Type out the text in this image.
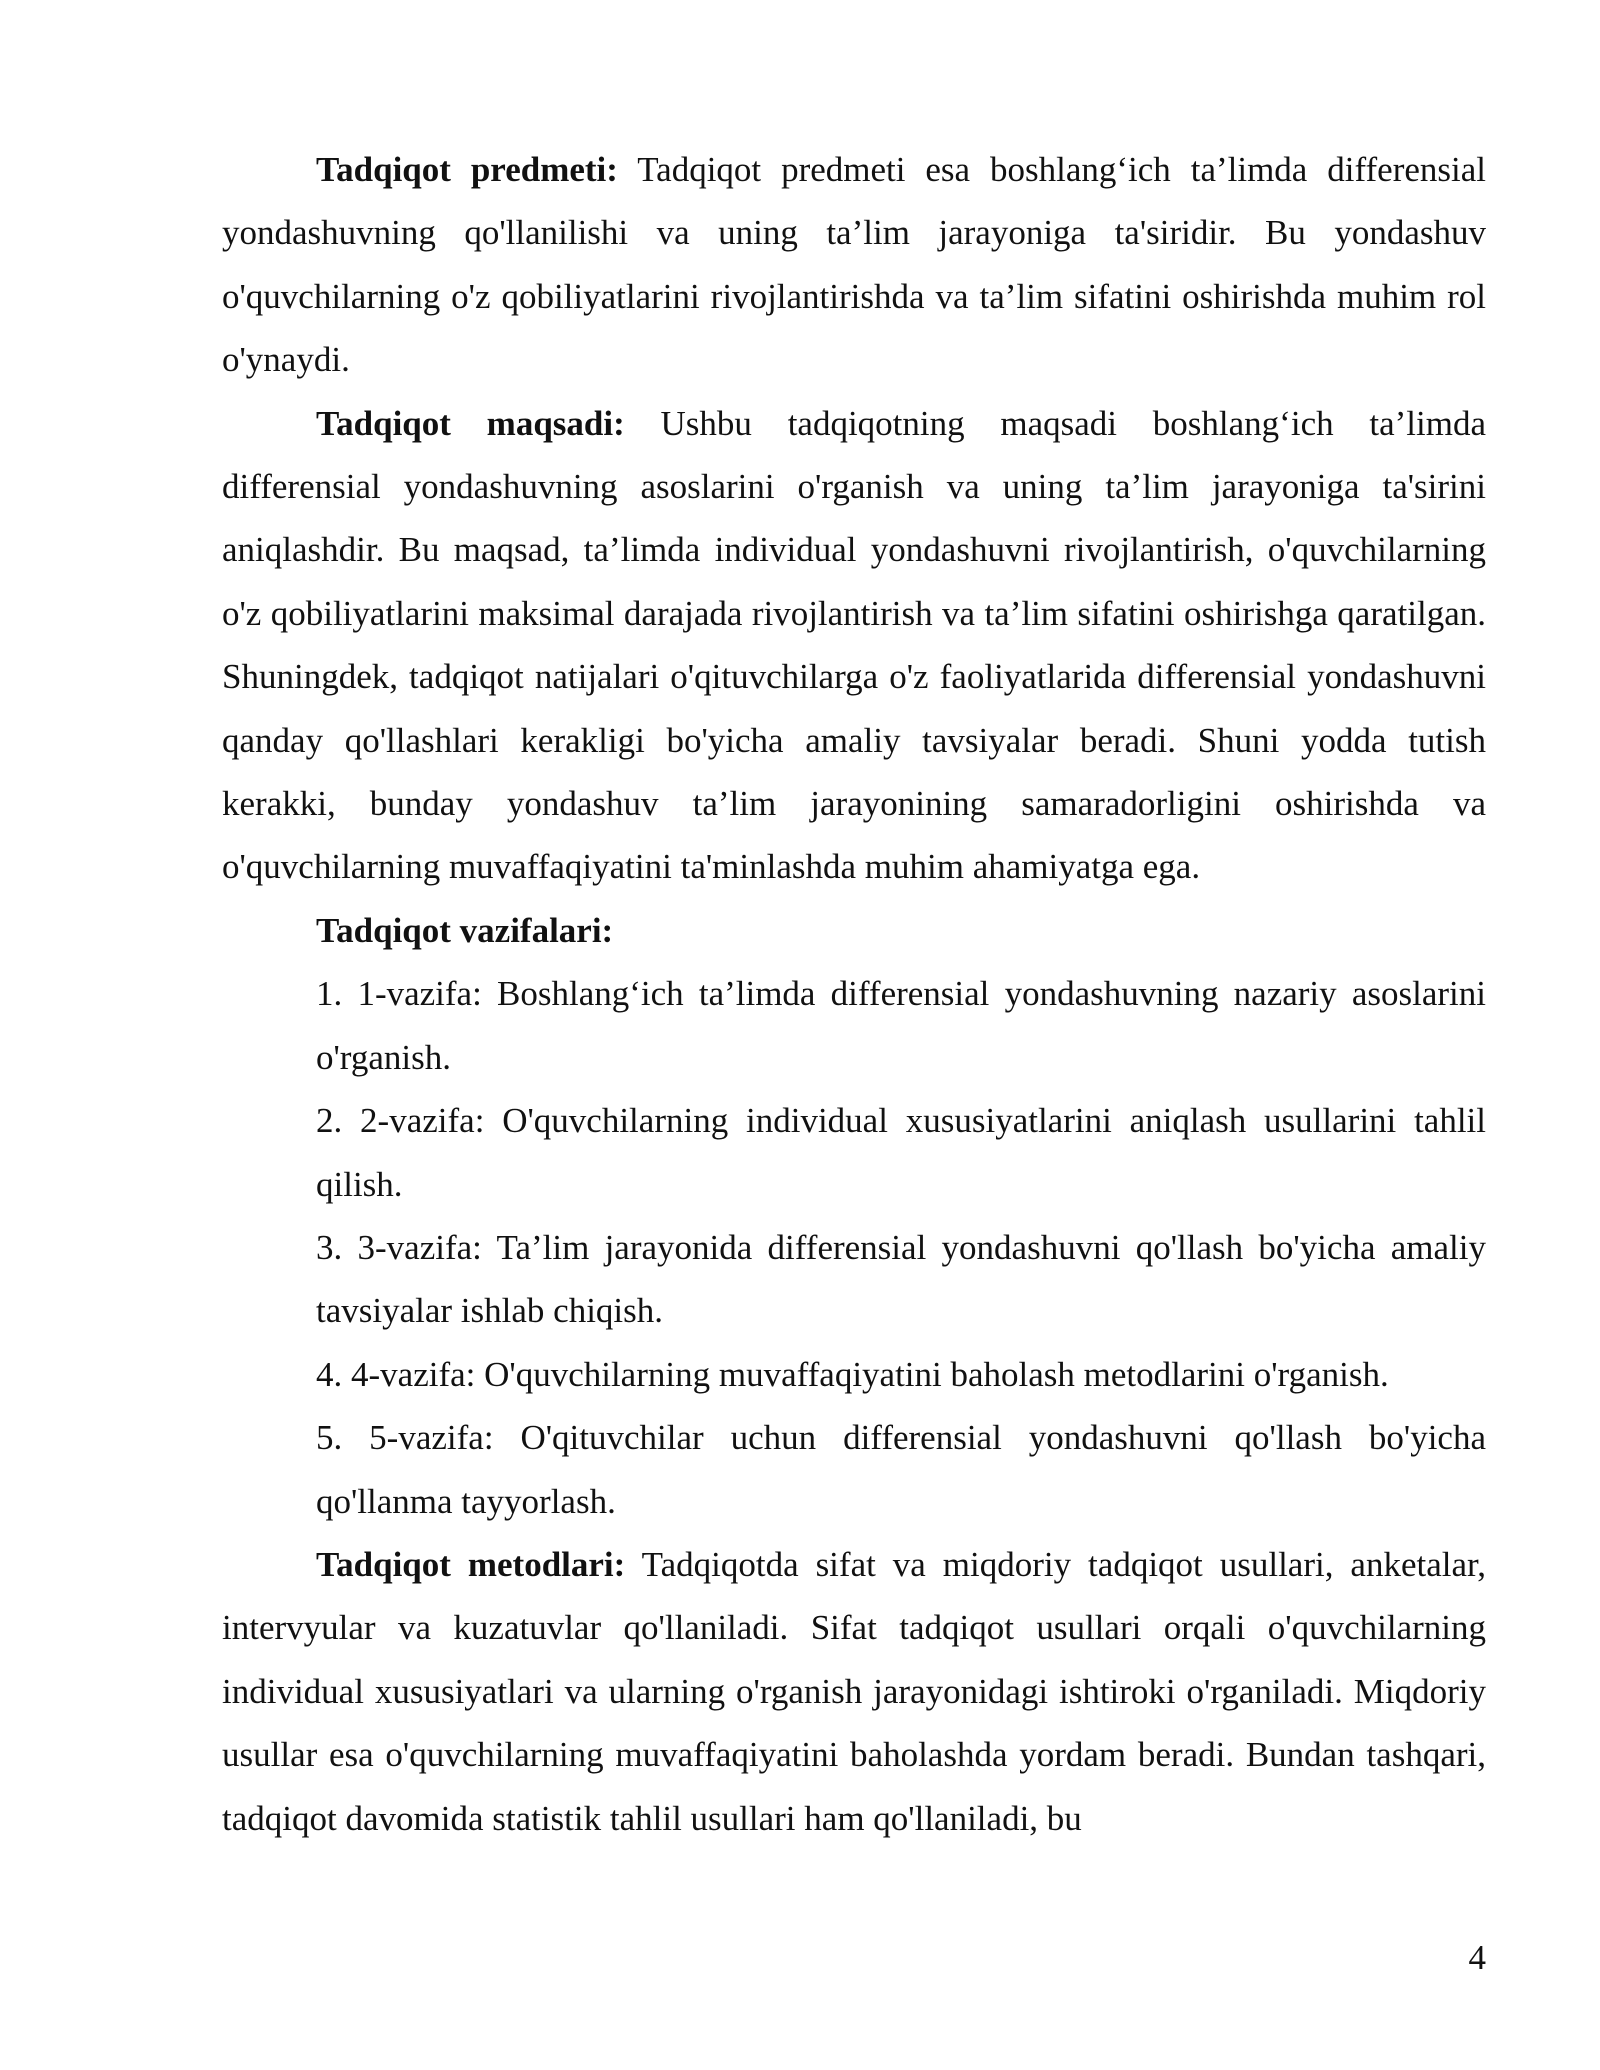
Tadqiqot predmeti: Tadqiqot predmeti esa boshlang‘ich ta’limda differensial yondashuvning qo'llanilishi va uning ta’lim jarayoniga ta'siridir. Bu yondashuv o'quvchilarning o'z qobiliyatlarini rivojlantirishda va ta’lim sifatini oshirishda muhim rol o'ynaydi.

Tadqiqot maqsadi: Ushbu tadqiqotning maqsadi boshlang‘ich ta’limda differensial yondashuvning asoslarini o'rganish va uning ta’lim jarayoniga ta'sirini aniqlashdir. Bu maqsad, ta’limda individual yondashuvni rivojlantirish, o'quvchilarning o'z qobiliyatlarini maksimal darajada rivojlantirish va ta’lim sifatini oshirishga qaratilgan. Shuningdek, tadqiqot natijalari o'qituvchilarga o'z faoliyatlarida differensial yondashuvni qanday qo'llashlari kerakligi bo'yicha amaliy tavsiyalar beradi. Shuni yodda tutish kerakki, bunday yondashuv ta’lim jarayonining samaradorligini oshirishda va o'quvchilarning muvaffaqiyatini ta'minlashda muhim ahamiyatga ega.

Tadqiqot vazifalari:

1. 1-vazifa: Boshlang‘ich ta’limda differensial yondashuvning nazariy asoslarini o'rganish.

2. 2-vazifa: O'quvchilarning individual xususiyatlarini aniqlash usullarini tahlil qilish.

3. 3-vazifa: Ta’lim jarayonida differensial yondashuvni qo'llash bo'yicha amaliy tavsiyalar ishlab chiqish.

4. 4-vazifa: O'quvchilarning muvaffaqiyatini baholash metodlarini o'rganish.

5. 5-vazifa: O'qituvchilar uchun differensial yondashuvni qo'llash bo'yicha qo'llanma tayyorlash.

Tadqiqot metodlari: Tadqiqotda sifat va miqdoriy tadqiqot usullari, anketalar, intervyular va kuzatuvlar qo'llaniladi. Sifat tadqiqot usullari orqali o'quvchilarning individual xususiyatlari va ularning o'rganish jarayonidagi ishtiroki o'rganiladi. Miqdoriy usullar esa o'quvchilarning muvaffaqiyatini baholashda yordam beradi. Bundan tashqari, tadqiqot davomida statistik tahlil usullari ham qo'llaniladi, bu

4
